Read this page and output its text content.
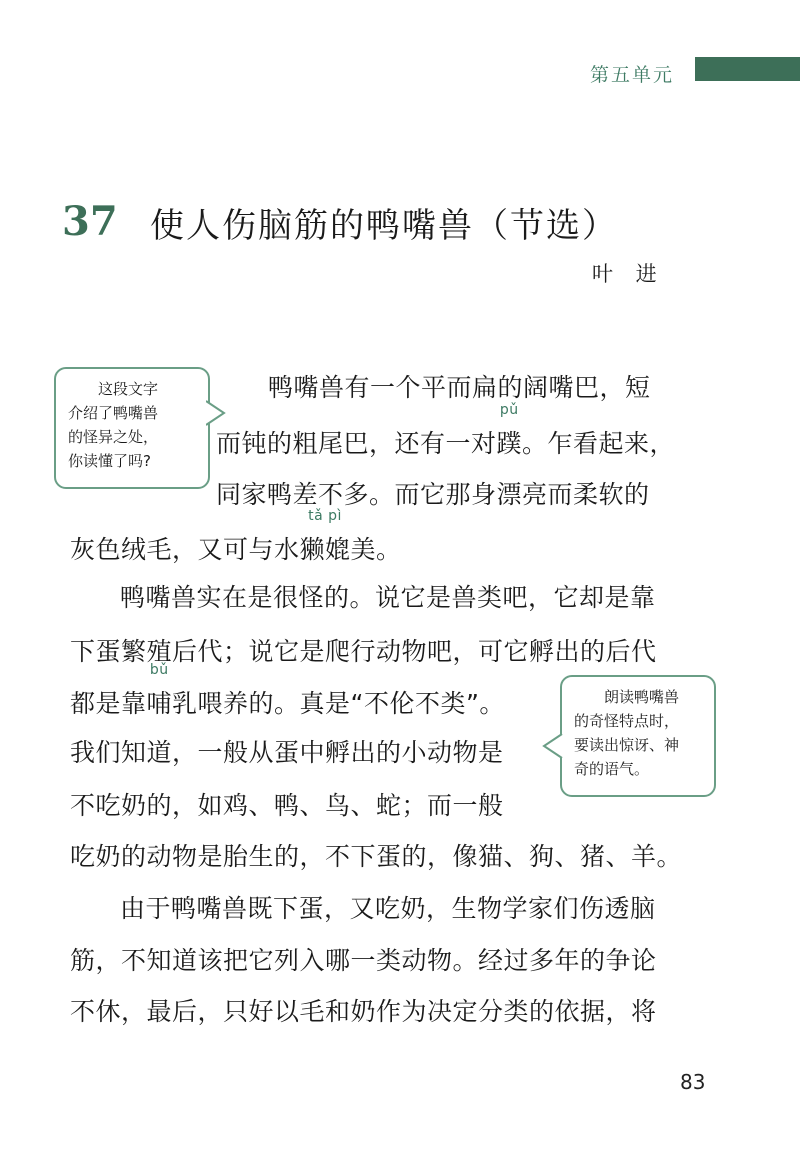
第五单元
37 使人伤脑筋的鸭嘴兽（节选）
叶 进

这段文字

介绍了鸭嘴兽

的怪异之处，

你读懂了吗?

朗读鸭嘴兽

的奇怪特点时，

要读出惊讶、神

奇的语气。

鸭嘴兽有一个平而扁的阔嘴巴，短
而钝的粗尾巴，还有一对
pǔ
蹼。乍看起来，
同家鸭差不多。而它那身漂亮而柔软的
灰色绒毛，又可与水
tǎ pì
獭媲美。
鸭嘴兽实在是很怪的。说它是兽类吧，它却是靠
下蛋繁殖后代；说它是爬行动物吧，可它孵出的后代
都是靠
bǔ
哺乳喂养的。真是“不伦不类”。
我们知道，一般从蛋中孵出的小动物是
不吃奶的，如鸡、鸭、鸟、蛇；而一般
吃奶的动物是胎生的，不下蛋的，像猫、狗、猪、羊。
由于鸭嘴兽既下蛋，又吃奶，生物学家们伤透脑
筋，不知道该把它列入哪一类动物。经过多年的争论
不休，最后，只好以毛和奶作为决定分类的依据，将
83
